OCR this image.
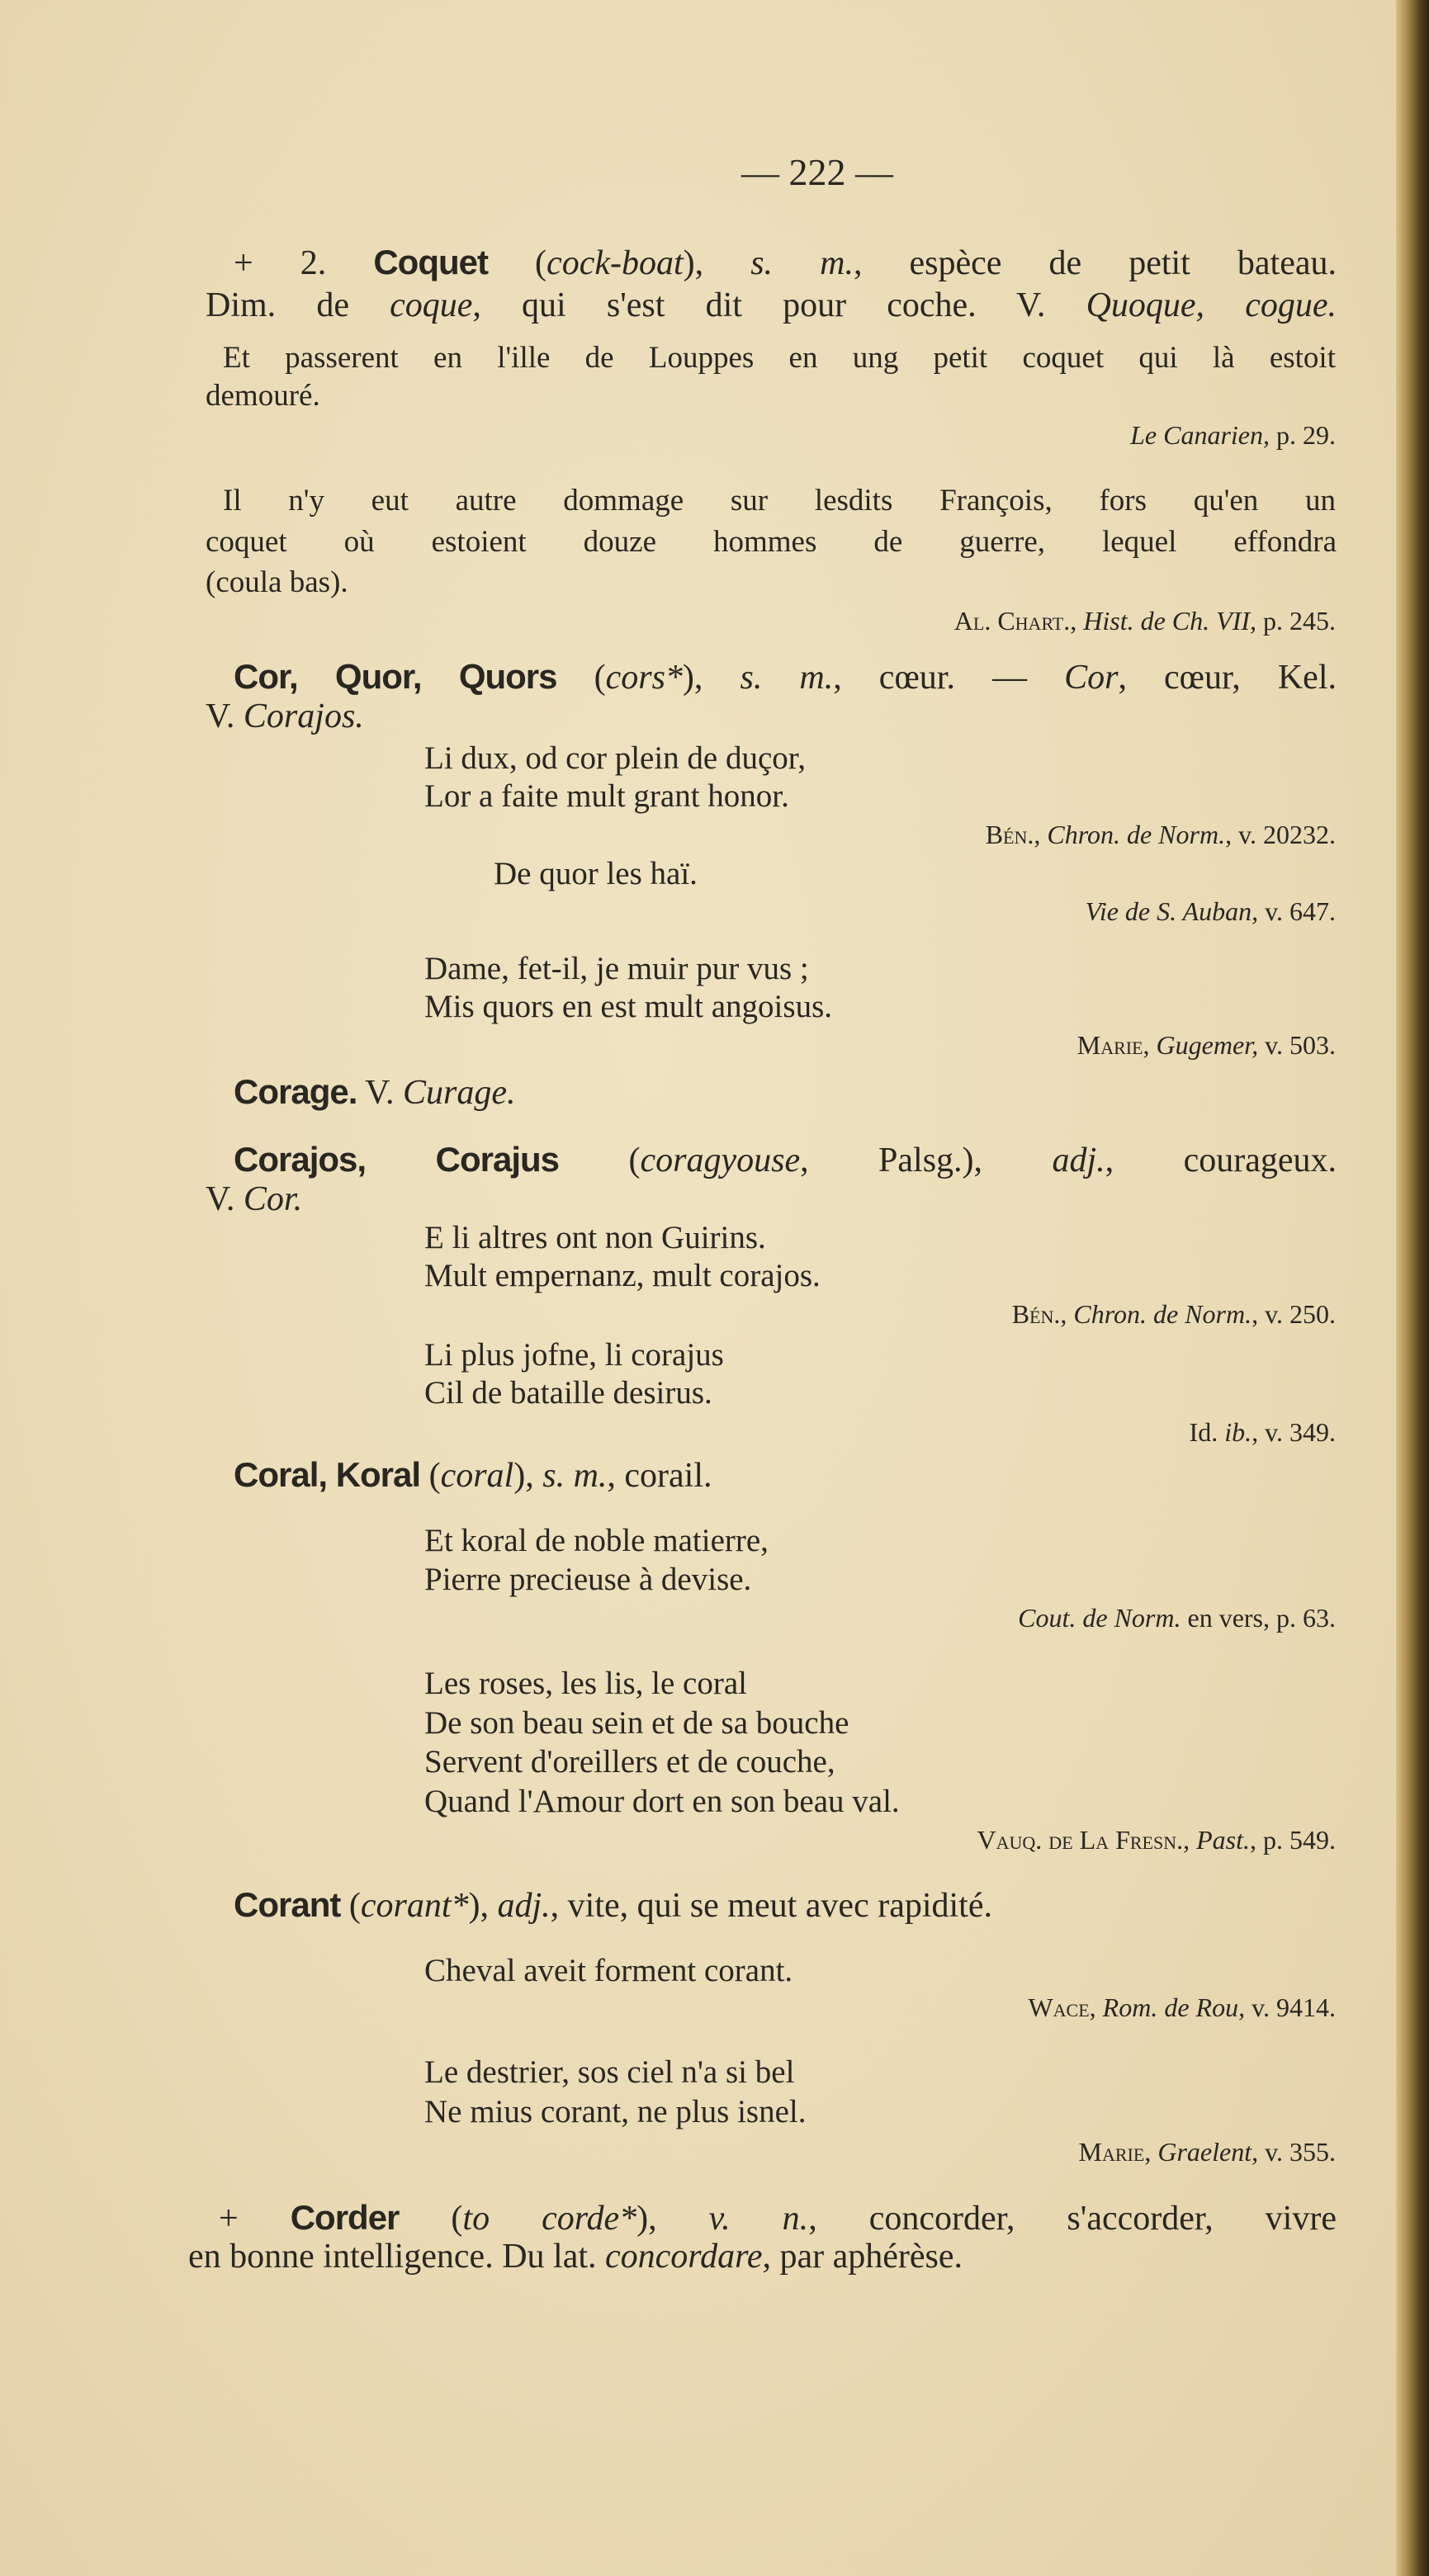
— 222 —
+ 2. Coquet (cock-boat), s. m., espèce de petit bateau.
Dim. de coque, qui s'est dit pour coche. V. Quoque, cogue.
Et passerent en l'ille de Louppes en ung petit coquet qui là estoit
demouré.
Le Canarien, p. 29.
Il n'y eut autre dommage sur lesdits François, fors qu'en un
coquet où estoient douze hommes de guerre, lequel effondra
(coula bas).
Al. Chart., Hist. de Ch. VII, p. 245.
Cor, Quor, Quors (cors*), s. m., cœur. — Cor, cœur, Kel.
V. Corajos.
Li dux, od cor plein de duçor,
Lor a faite mult grant honor.
Bén., Chron. de Norm., v. 20232.
De quor les haï.
Vie de S. Auban, v. 647.
Dame, fet-il, je muir pur vus ;
Mis quors en est mult angoisus.
Marie, Gugemer, v. 503.
Corage. V. Curage.
Corajos, Corajus (coragyouse, Palsg.), adj., courageux.
V. Cor.
E li altres ont non Guirins.
Mult empernanz, mult corajos.
Bén., Chron. de Norm., v. 250.
Li plus jofne, li corajus
Cil de bataille desirus.
Id. ib., v. 349.
Coral, Koral (coral), s. m., corail.
Et koral de noble matierre,
Pierre precieuse à devise.
Cout. de Norm. en vers, p. 63.
Les roses, les lis, le coral
De son beau sein et de sa bouche
Servent d'oreillers et de couche,
Quand l'Amour dort en son beau val.
Vauq. de La Fresn., Past., p. 549.
Corant (corant*), adj., vite, qui se meut avec rapidité.
Cheval aveit forment corant.
Wace, Rom. de Rou, v. 9414.
Le destrier, sos ciel n'a si bel
Ne mius corant, ne plus isnel.
Marie, Graelent, v. 355.
+ Corder (to corde*), v. n., concorder, s'accorder, vivre
en bonne intelligence. Du lat. concordare, par aphérèse.
